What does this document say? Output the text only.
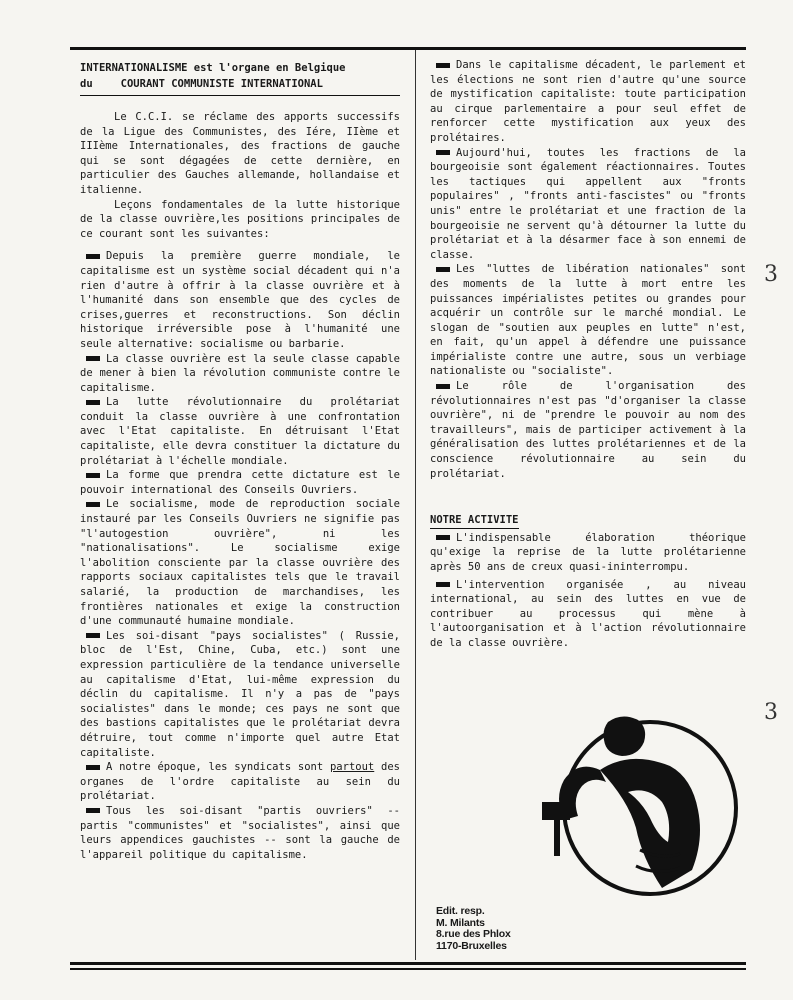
INTERNATIONALISME est l'organe en Belgique
du	COURANT COMMUNISTE INTERNATIONAL

Le C.C.I. se réclame des apports successifs de la Ligue des Communistes, des Iére, IIème et IIIème Internationales, des fractions de gauche qui se sont dégagées de cette dernière, en particulier des Gauches allemande, hollandaise et italienne.

Leçons fondamentales de la lutte historique de la classe ouvrière,les positions principales de ce courant sont les suivantes:

Depuis la première guerre mondiale, le capitalisme est un système social décadent qui n'a rien d'autre à offrir à la classe ouvrière et à l'humanité dans son ensemble que des cycles de crises,guerres et reconstructions. Son déclin historique irréversible pose à l'humanité une seule alternative: socialisme ou barbarie.

La classe ouvrière est la seule classe capable de mener à bien la révolution communiste contre le capitalisme.

La lutte révolutionnaire du prolétariat conduit la classe ouvrière à une confrontation avec l'Etat capitaliste. En détruisant l'Etat capitaliste, elle devra constituer la dictature du prolétariat à l'échelle mondiale.

La forme que prendra cette dictature est le pouvoir international des Conseils Ouvriers.

Le socialisme, mode de reproduction sociale instauré par les Conseils Ouvriers ne signifie pas "l'autogestion ouvrière", ni les "nationalisations". Le socialisme exige l'abolition consciente par la classe ouvrière des rapports sociaux capitalistes tels que le travail salarié, la production de marchandises, les frontières nationales et exige la construction d'une communauté humaine mondiale.

Les soi-disant "pays socialistes" ( Russie, bloc de l'Est, Chine, Cuba, etc.) sont une expression particulière de la tendance universelle au capitalisme d'Etat, lui-même expression du déclin du capitalisme. Il n'y a pas de "pays socialistes" dans le monde; ces pays ne sont que des bastions capitalistes que le prolétariat devra détruire, tout comme n'importe quel autre Etat capitaliste.

A notre époque, les syndicats sont partout des organes de l'ordre capitaliste au sein du prolétariat.

Tous les soi-disant "partis ouvriers" -- partis "communistes" et "socialistes", ainsi que leurs appendices gauchistes -- sont la gauche de l'appareil politique du capitalisme.

Dans le capitalisme décadent, le parlement et les élections ne sont rien d'autre qu'une source de mystification capitaliste: toute participation au cirque parlementaire a pour seul effet de renforcer cette mystification aux yeux des prolétaires.

Aujourd'hui, toutes les fractions de la bourgeoisie sont également réactionnaires. Toutes les tactiques qui appellent aux "fronts populaires" , "fronts anti-fascistes" ou "fronts unis" entre le prolétariat et une fraction de la bourgeoisie ne servent qu'à détourner la lutte du prolétariat et à la désarmer face à son ennemi de classe.

Les "luttes de libération nationales" sont des moments de la lutte à mort entre les puissances impérialistes petites ou grandes pour acquérir un contrôle sur le marché mondial. Le slogan de "soutien aux peuples en lutte" n'est, en fait, qu'un appel à défendre une puissance impérialiste contre une autre, sous un verbiage nationaliste ou "socialiste".

Le rôle de l'organisation des révolutionnaires n'est pas "d'organiser la classe ouvrière", ni de "prendre le pouvoir au nom des travailleurs", mais de participer activement à la généralisation des luttes prolétariennes et de la conscience révolutionnaire au sein du prolétariat.

NOTRE ACTIVITE

L'indispensable élaboration théorique qu'exige la reprise de la lutte prolétarienne après 50 ans de creux quasi-ininterrompu.

L'intervention organisée , au niveau international, au sein des luttes en vue de contribuer au processus qui mène à l'autoorganisation et à l'action révolutionnaire de la classe ouvrière.

Edit. resp.
M. Milants
8.rue des Phlox
1170-Bruxelles
3
3
